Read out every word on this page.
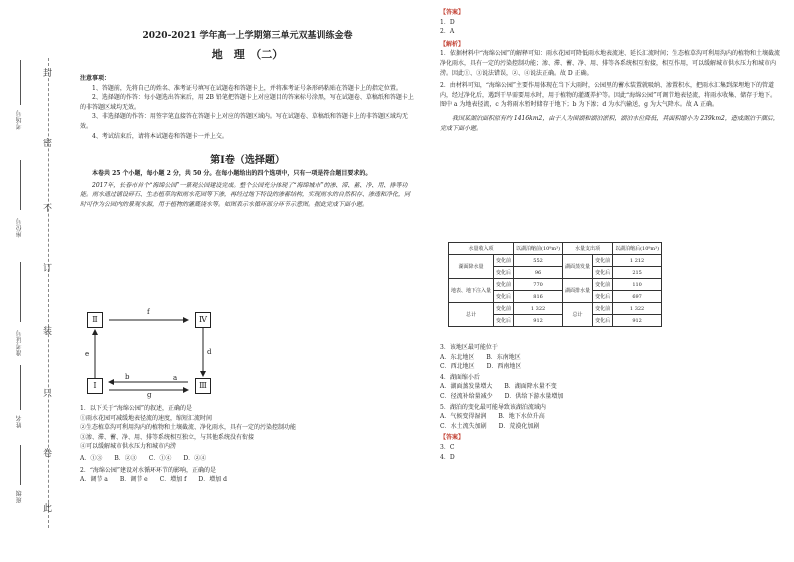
封
密
不
订
装
只
卷
此
考场号
座位号
准考证号
姓名
班级
2020-2021 学年高一上学期第三单元双基训练金卷
地　理　（二）
注意事项：
1、答题前，先将自己的姓名、准考证号填写在试题卷和答题卡上，并将准考证号条形码粘贴在答题卡上的指定位置。
2、选择题的作答：每小题选出答案后，用 2B 铅笔把答题卡上对应题目的答案标号涂黑，写在试题卷、草稿纸和答题卡上的非答题区域均无效。
3、非选择题的作答：用签字笔直接答在答题卡上对应的答题区域内。写在试题卷、草稿纸和答题卡上的非答题区域均无效。
4、考试结束后，请将本试题卷和答题卡一并上交。
第Ⅰ卷（选择题）
本卷共 25 个小题，每小题 2 分，共 50 分。在每小题给出的四个选项中，只有一项是符合题目要求的。
2017年，长春市首个“海绵公园”一景观公园建设完成。整个公园充分体现了“海绵城市”的渗、滞、蓄、净、用、排等功能。雨水通过铺设碎石、生态植草沟和雨水花园等下渗，再经过地下特设的渗蓄结构，实现雨水的自然积存、渗透和净化，同时可作为公园内的景观水源，用于植物的灌溉浇水等。如图表示水循环部分环节示意图。据此完成下面小题。
Ⅱ	Ⅳ
Ⅰ	Ⅲ
f
d
e
b	a
g
1．以下关于“海绵公园”的叙述，正确的是
①雨水花园可减缓地表径流的速度，缩短汇流时间
②生态植草沟可利用沟内的植物和土壤截流、净化雨水，具有一定的污染控制功能
③渗、滞、蓄、净、用、排等系统相互独立，与其他系统没有衔接
④可以缓解城市供水压力和城市内涝
A．①③　　B．②③　　C．①④　　D．②④
2．“海绵公园”建设对水循环环节的影响，正确的是
A．调节 a　　B．调节 e　　C．增加 f　　D．增加 d
【答案】
1．D
2．A
【解析】
1．依据材料中“海绵公园”的解释可知：雨水花园可降低雨水地表流速、延长汇流时间；生态植草沟可利用沟内的植物和土壤截流净化雨水，具有一定的污染控制功能；渗、滞、蓄、净、用、排等各系统相互衔接，相互作用，可以缓解城市供水压力和城市内涝。因此①、③说法错误，②、④说法正确。故 D 正确。
2．由材料可知，“海绵公园”主要作用体现在当下大雨时，公园里的蓄水装置就吸纳、渗置积水，把雨水汇集到深埋地下的管道内，经过净化后，遇到干旱需要用水时，用于植物的灌溉养护等。因此“海绵公园”可调节地表径流，将雨水收集、储存于地下。图中 a 为地表径流，c 为将雨水暂时储存于地下；b 为下渗；d 为水汽输送，g 为大气降水。故 A 正确。
我国某湖泊面积原有约 1416km2，由于人为围湖和湖泊淤积，湖泊水位降低，其面积缩小为 239km2，造成湖泊干涸后，完成下面小题。
水量收入项		以湖泊缩前(10⁸m³)	水量支出项		以湖泊缩后(10⁸m³)
湖面降水量	变化前	552	湖面蒸发量	变化前	1 212
	变化后	96		变化后	215
地表、地下注入量	变化前	770	湖面排水量	变化前	110
	变化后	816		变化后	697
总计	变化前	1 322	总计	变化前	1 322
	变化后	912		变化后	912
3．该地区最可能位于
A．东北地区　　B．东南地区
C．西北地区　　D．西南地区
4．湖面缩小后
A．湖面蒸发量增大　　B．湖面降水量不变
C．径流补给量减少　　D．供给下游水量增加
5．湖泊的变化最可能导致该湖泊流域内
A．气候变得湿润　　B．地下水位升高
C．水土流失加剧　　D．荒漠化加剧
【答案】
3．C
4．D
